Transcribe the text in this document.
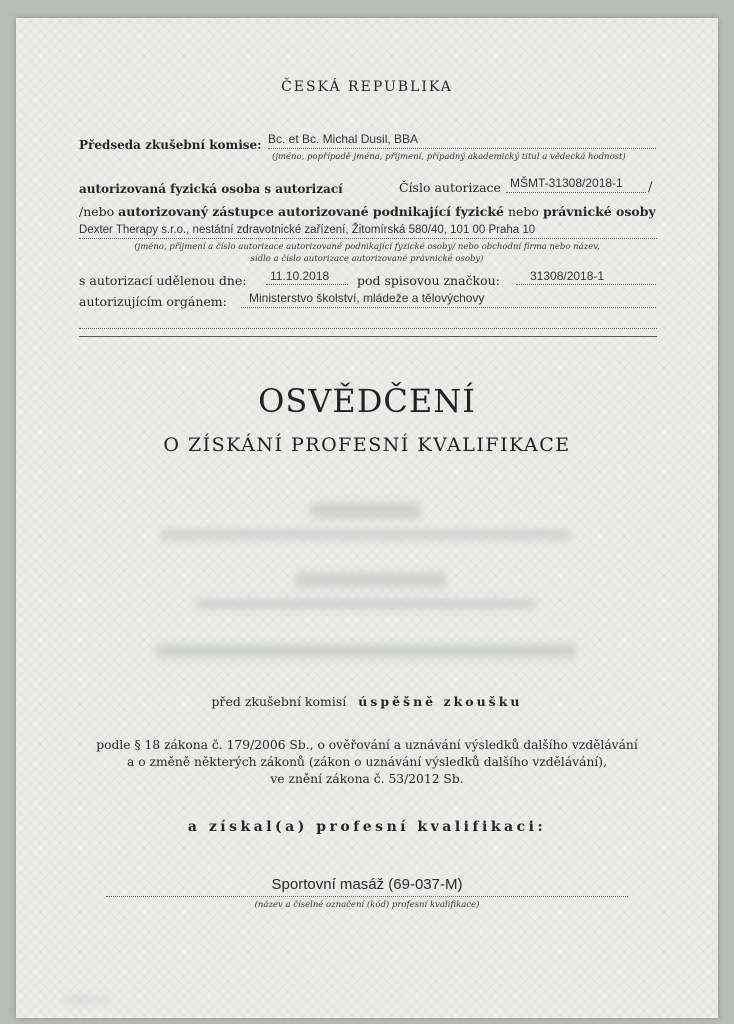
ČESKÁ REPUBLIKA
Předseda zkušební komise: Bc. et Bc. Michal Dusil, BBA
(jméno, popřípadě jména, příjmení, případný akademický titul a vědecká hodnost)
autorizovaná fyzická osoba s autorizací	Číslo autorizace MŠMT-31308/2018-1 /
/nebo autorizovaný zástupce autorizované podnikající fyzické nebo právnické osoby
Dexter Therapy s.r.o., nestátní zdravotnické zařízení, Žitomírská 580/40, 101 00 Praha 10
(jméno, příjmení a číslo autorizace autorizované podnikající fyzické osoby/ nebo obchodní firma nebo název,
sídlo a číslo autorizace autorizované právnické osoby)
s autorizací udělenou dne: 11.10.2018 pod spisovou značkou:	31308/2018-1
autorizujícím orgánem: Ministerstvo školství, mládeže a tělovýchovy
OSVĚDČENÍ
O ZÍSKÁNÍ PROFESNÍ KVALIFIKACE
před zkušební komisí úspěšně zkoušku
podle § 18 zákona č. 179/2006 Sb., o ověřování a uznávání výsledků dalšího vzdělávání
a o změně některých zákonů (zákon o uznávání výsledků dalšího vzdělávání),
ve znění zákona č. 53/2012 Sb.
a získal(a) profesní kvalifikaci:
Sportovní masáž (69-037-M)
(název a číselné označení (kód) profesní kvalifikace)
